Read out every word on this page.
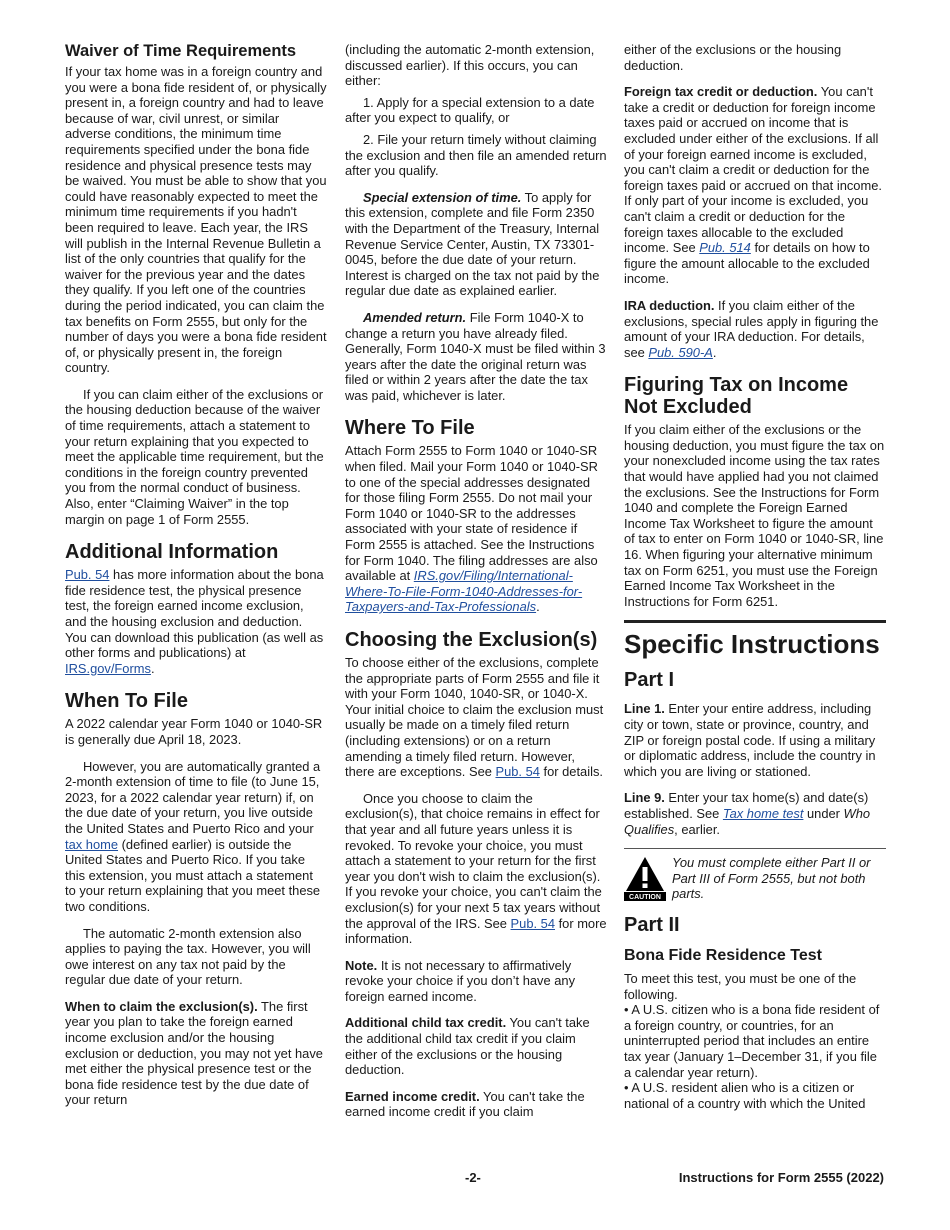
Waiver of Time Requirements

If your tax home was in a foreign country and you were a bona fide resident of, or physically present in, a foreign country and had to leave because of war, civil unrest, or similar adverse conditions, the minimum time requirements specified under the bona fide residence and physical presence tests may be waived. You must be able to show that you could have reasonably expected to meet the minimum time requirements if you hadn't been required to leave. Each year, the IRS will publish in the Internal Revenue Bulletin a list of the only countries that qualify for the waiver for the previous year and the dates they qualify. If you left one of the countries during the period indicated, you can claim the tax benefits on Form 2555, but only for the number of days you were a bona fide resident of, or physically present in, the foreign country.

If you can claim either of the exclusions or the housing deduction because of the waiver of time requirements, attach a statement to your return explaining that you expected to meet the applicable time requirement, but the conditions in the foreign country prevented you from the normal conduct of business. Also, enter “Claiming Waiver” in the top margin on page 1 of Form 2555.

Additional Information

Pub. 54 has more information about the bona fide residence test, the physical presence test, the foreign earned income exclusion, and the housing exclusion and deduction. You can download this publication (as well as other forms and publications) at IRS.gov/Forms.

When To File

A 2022 calendar year Form 1040 or 1040-SR is generally due April 18, 2023.

However, you are automatically granted a 2-month extension of time to file (to June 15, 2023, for a 2022 calendar year return) if, on the due date of your return, you live outside the United States and Puerto Rico and your tax home (defined earlier) is outside the United States and Puerto Rico. If you take this extension, you must attach a statement to your return explaining that you meet these two conditions.

The automatic 2-month extension also applies to paying the tax. However, you will owe interest on any tax not paid by the regular due date of your return.

When to claim the exclusion(s). The first year you plan to take the foreign earned income exclusion and/or the housing exclusion or deduction, you may not yet have met either the physical presence test or the bona fide residence test by the due date of your return

(including the automatic 2-month extension, discussed earlier). If this occurs, you can either:

1. Apply for a special extension to a date after you expect to qualify, or
2. File your return timely without claiming the exclusion and then file an amended return after you qualify.

Special extension of time. To apply for this extension, complete and file Form 2350 with the Department of the Treasury, Internal Revenue Service Center, Austin, TX 73301-0045, before the due date of your return. Interest is charged on the tax not paid by the regular due date as explained earlier.

Amended return. File Form 1040-X to change a return you have already filed. Generally, Form 1040-X must be filed within 3 years after the date the original return was filed or within 2 years after the date the tax was paid, whichever is later.

Where To File

Attach Form 2555 to Form 1040 or 1040-SR when filed. Mail your Form 1040 or 1040-SR to one of the special addresses designated for those filing Form 2555. Do not mail your Form 1040 or 1040-SR to the addresses associated with your state of residence if Form 2555 is attached. See the Instructions for Form 1040. The filing addresses are also available at IRS.gov/Filing/International-Where-To-File-Form-1040-Addresses-for-Taxpayers-and-Tax-Professionals.

Choosing the Exclusion(s)

To choose either of the exclusions, complete the appropriate parts of Form 2555 and file it with your Form 1040, 1040-SR, or 1040-X. Your initial choice to claim the exclusion must usually be made on a timely filed return (including extensions) or on a return amending a timely filed return. However, there are exceptions. See Pub. 54 for details.

Once you choose to claim the exclusion(s), that choice remains in effect for that year and all future years unless it is revoked. To revoke your choice, you must attach a statement to your return for the first year you don't wish to claim the exclusion(s). If you revoke your choice, you can't claim the exclusion(s) for your next 5 tax years without the approval of the IRS. See Pub. 54 for more information.

Note. It is not necessary to affirmatively revoke your choice if you don’t have any foreign earned income.

Additional child tax credit. You can't take the additional child tax credit if you claim either of the exclusions or the housing deduction.

Earned income credit. You can't take the earned income credit if you claim

either of the exclusions or the housing deduction.

Foreign tax credit or deduction. You can't take a credit or deduction for foreign income taxes paid or accrued on income that is excluded under either of the exclusions. If all of your foreign earned income is excluded, you can't claim a credit or deduction for the foreign taxes paid or accrued on that income. If only part of your income is excluded, you can't claim a credit or deduction for the foreign taxes allocable to the excluded income. See Pub. 514 for details on how to figure the amount allocable to the excluded income.

IRA deduction. If you claim either of the exclusions, special rules apply in figuring the amount of your IRA deduction. For details, see Pub. 590-A.

Figuring Tax on Income Not Excluded

If you claim either of the exclusions or the housing deduction, you must figure the tax on your nonexcluded income using the tax rates that would have applied had you not claimed the exclusions. See the Instructions for Form 1040 and complete the Foreign Earned Income Tax Worksheet to figure the amount of tax to enter on Form 1040 or 1040-SR, line 16. When figuring your alternative minimum tax on Form 6251, you must use the Foreign Earned Income Tax Worksheet in the Instructions for Form 6251.

Specific Instructions
Part I

Line 1. Enter your entire address, including city or town, state or province, country, and ZIP or foreign postal code. If using a military or diplomatic address, include the country in which you are living or stationed.

Line 9. Enter your tax home(s) and date(s) established. See Tax home test under Who Qualifies, earlier.

CAUTION
You must complete either Part II or Part III of Form 2555, but not both parts.
Part II
Bona Fide Residence Test

To meet this test, you must be one of the following.

• A U.S. citizen who is a bona fide resident of a foreign country, or countries, for an uninterrupted period that includes an entire tax year (January 1–December 31, if you file a calendar year return).
• A U.S. resident alien who is a citizen or national of a country with which the United
-2-	Instructions for Form 2555 (2022)
